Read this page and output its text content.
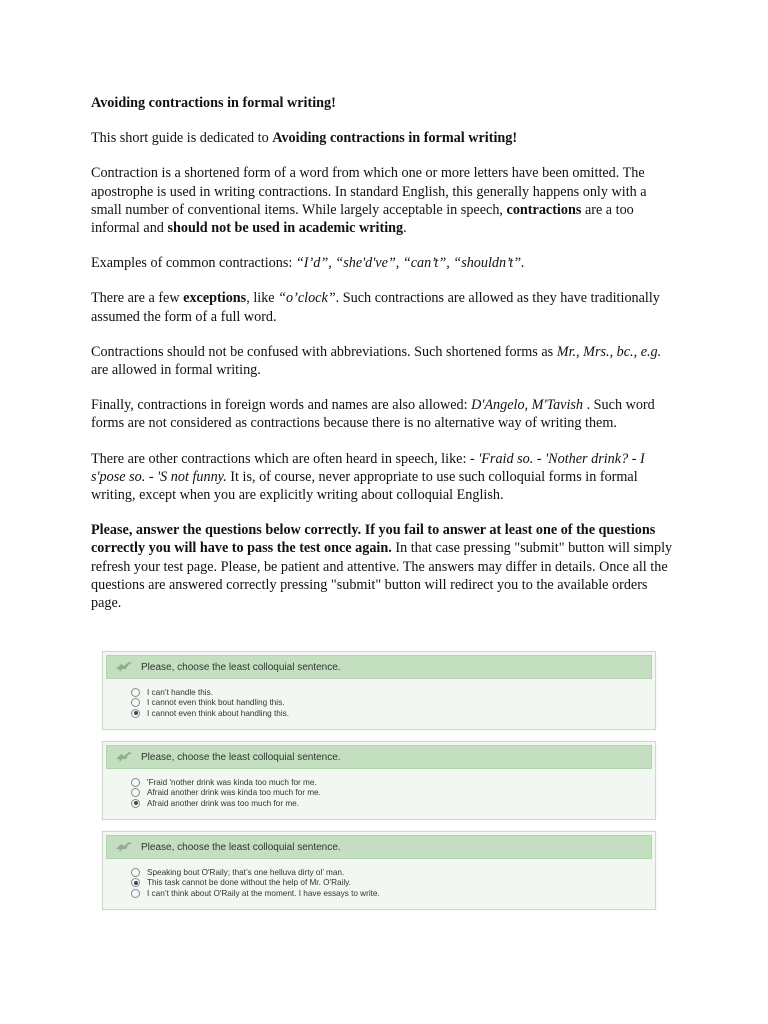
Avoiding contractions in formal writing!

This short guide is dedicated to Avoiding contractions in formal writing!

Contraction is a shortened form of a word from which one or more letters have been omitted. The apostrophe is used in writing contractions. In standard English, this generally happens only with a small number of conventional items. While largely acceptable in speech, contractions are a too informal and should not be used in academic writing.

Examples of common contractions: “I’d”, “she'd've”, “can’t”, “shouldn’t”.

There are a few exceptions, like “o’clock”. Such contractions are allowed as they have traditionally assumed the form of a full word.

Contractions should not be confused with abbreviations. Such shortened forms as Mr., Mrs., bc., e.g. are allowed in formal writing.

Finally, contractions in foreign words and names are also allowed: D'Angelo, M'Tavish . Such word forms are not considered as contractions because there is no alternative way of writing them.

There are other contractions which are often heard in speech, like: - 'Fraid so. - 'Nother drink? - I s'pose so. - 'S not funny. It is, of course, never appropriate to use such colloquial forms in formal writing, except when you are explicitly writing about colloquial English.

Please, answer the questions below correctly. If you fail to answer at least one of the questions correctly you will have to pass the test once again. In that case pressing "submit" button will simply refresh your test page. Please, be patient and attentive. The answers may differ in details. Once all the questions are answered correctly pressing "submit" button will redirect you to the available orders page.

Please, choose the least colloquial sentence.
I can’t handle this.
I cannot even think bout handling this.
I cannot even think about handling this.
Please, choose the least colloquial sentence.
'Fraid 'nother drink was kinda too much for me.
Afraid another drink was kinda too much for me.
Afraid another drink was too much for me.
Please, choose the least colloquial sentence.
Speaking bout O'Raily; that’s one helluva dirty ol’ man.
This task cannot be done without the help of Mr. O'Raily.
I can’t think about O'Raily at the moment. I have essays to write.
